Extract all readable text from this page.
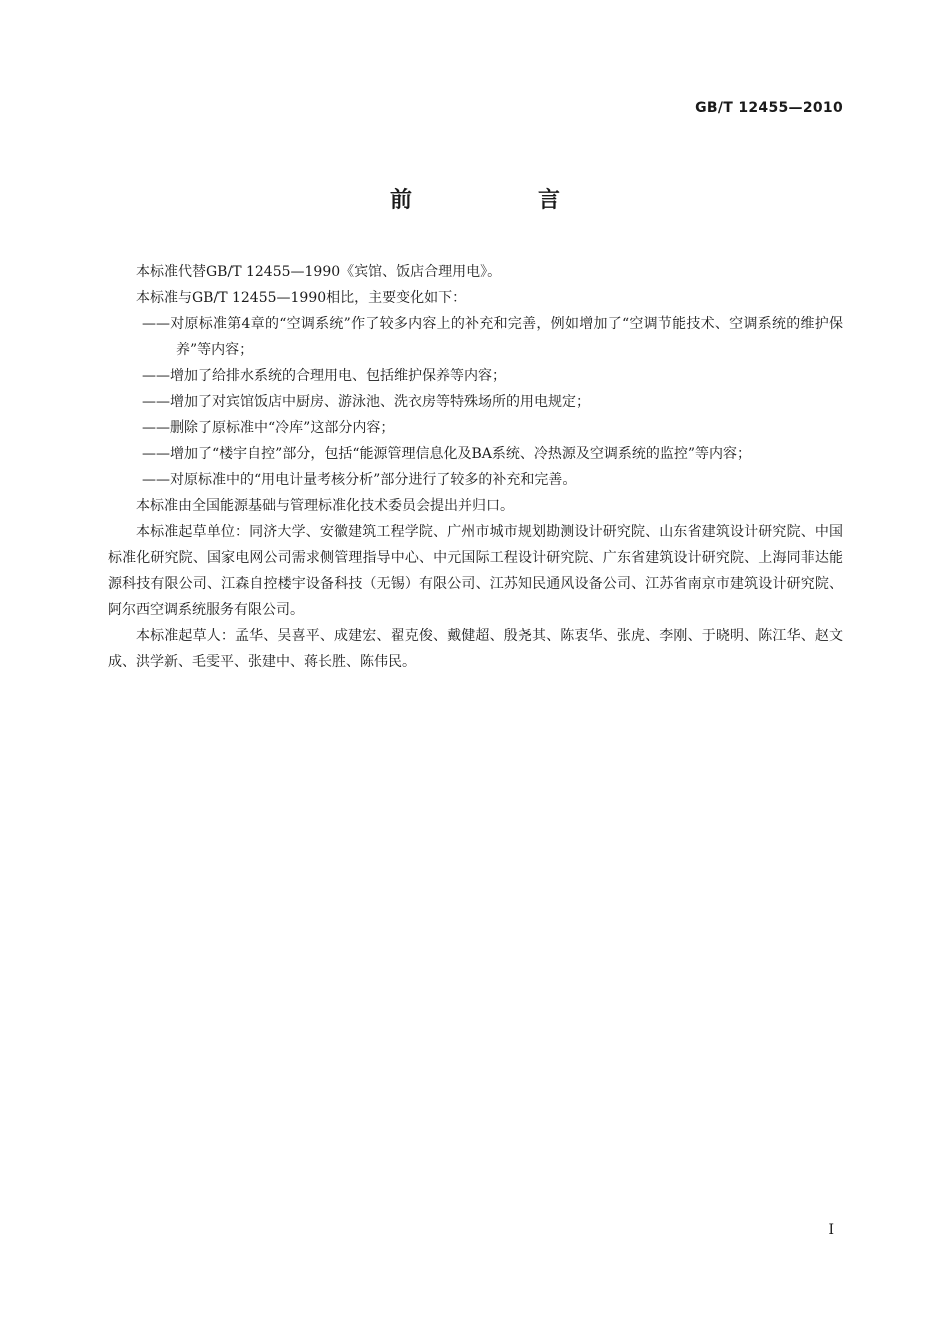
GB/T 12455—2010
前　言

本标准代替GB/T 12455—1990《宾馆、饭店合理用电》。

本标准与GB/T 12455—1990相比，主要变化如下：

——对原标准第4章的“空调系统”作了较多内容上的补充和完善，例如增加了“空调节能技术、空调系统的维护保养”等内容；

——增加了给排水系统的合理用电、包括维护保养等内容；

——增加了对宾馆饭店中厨房、游泳池、洗衣房等特殊场所的用电规定；

——删除了原标准中“冷库”这部分内容；

——增加了“楼宇自控”部分，包括“能源管理信息化及BA系统、冷热源及空调系统的监控”等内容；

——对原标准中的“用电计量考核分析”部分进行了较多的补充和完善。

本标准由全国能源基础与管理标准化技术委员会提出并归口。

本标准起草单位：同济大学、安徽建筑工程学院、广州市城市规划勘测设计研究院、山东省建筑设计研究院、中国标准化研究院、国家电网公司需求侧管理指导中心、中元国际工程设计研究院、广东省建筑设计研究院、上海同菲达能源科技有限公司、江森自控楼宇设备科技（无锡）有限公司、江苏知民通风设备公司、江苏省南京市建筑设计研究院、阿尔西空调系统服务有限公司。

本标准起草人：孟华、吴喜平、成建宏、翟克俊、戴健超、殷尧其、陈衷华、张虎、李刚、于晓明、陈江华、赵文成、洪学新、毛雯平、张建中、蒋长胜、陈伟民。

I
